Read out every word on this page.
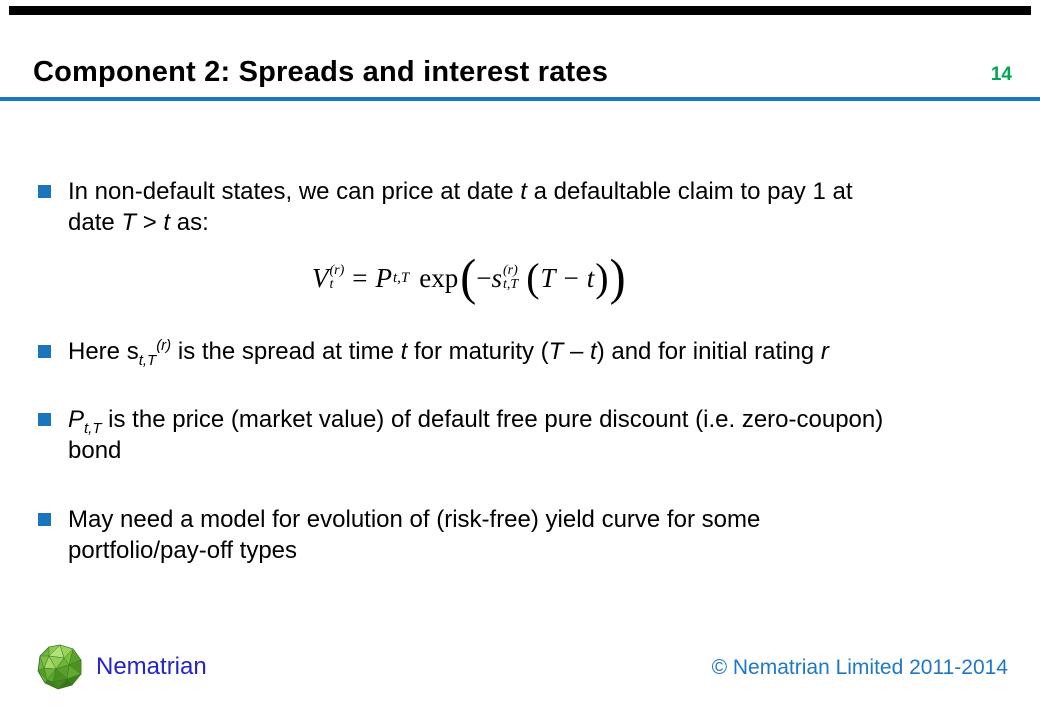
Component 2: Spreads and interest rates	14
In non-default states, we can price at date t a defaultable claim to pay 1 at
date T > t as:
V (r)
t = P t,T exp ( − s (r)
t,T ( T − t ) )
Here $s_{t,T}^{(r)}$ is the spread at time t for maturity (T – t) and for initial rating r
$P_{t,T}$ is the price (market value) of default free pure discount (i.e. zero-coupon)
bond
May need a model for evolution of (risk-free) yield curve for some
portfolio/pay-off types
Nematrian	© Nematrian Limited 2011-2014
